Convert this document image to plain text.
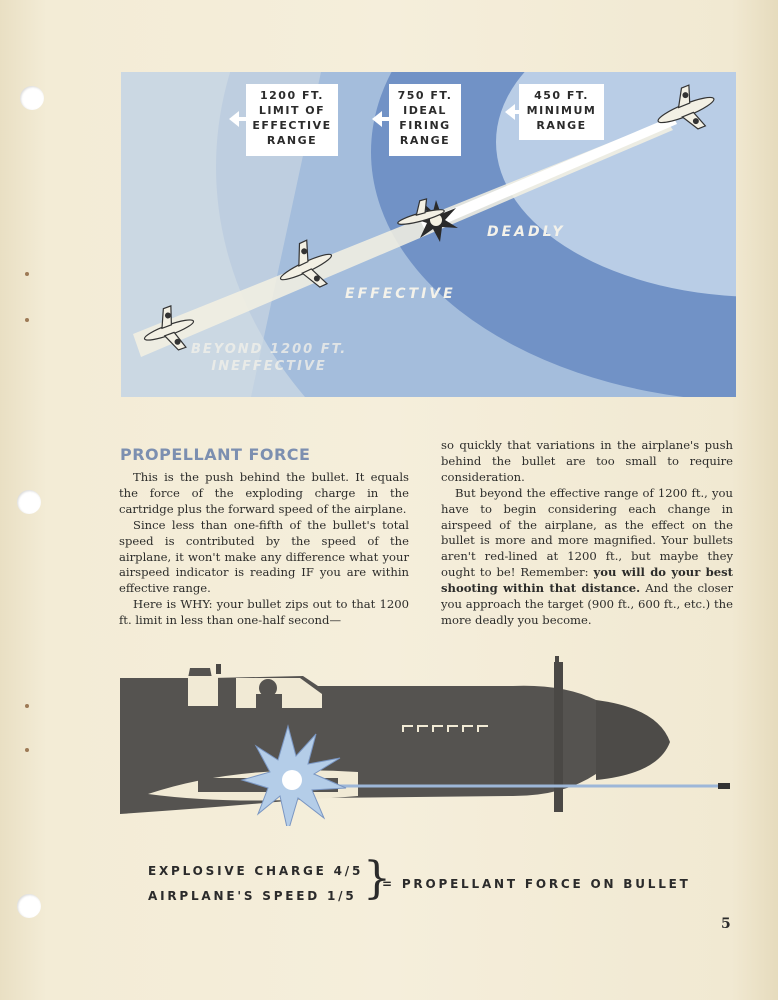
1200 FT.
LIMIT OF
EFFECTIVE
RANGE
750 FT.
IDEAL
FIRING
RANGE
450 FT.
MINIMUM
RANGE
DEADLY
EFFECTIVE
BEYOND 1200 FT.
INEFFECTIVE
PROPELLANT FORCE

This is the push behind the bullet. It equals the force of the exploding charge in the cartridge plus the forward speed of the airplane.

Since less than one-fifth of the bullet's total speed is contributed by the speed of the airplane, it won't make any difference what your airspeed indicator is reading IF you are within effective range.

Here is WHY: your bullet zips out to that 1200 ft. limit in less than one-half second—

so quickly that variations in the airplane's push behind the bullet are too small to require consideration.

But beyond the effective range of 1200 ft., you have to begin considering each change in airspeed of the airplane, as the effect on the bullet is more and more magnified. Your bullets aren't red-lined at 1200 ft., but maybe they ought to be! Remember: you will do your best shooting within that distance. And the closer you approach the target (900 ft., 600 ft., etc.) the more deadly you become.

EXPLOSIVE CHARGE 4/5
AIRPLANE'S SPEED 1/5 }
= PROPELLANT FORCE ON BULLET
5
